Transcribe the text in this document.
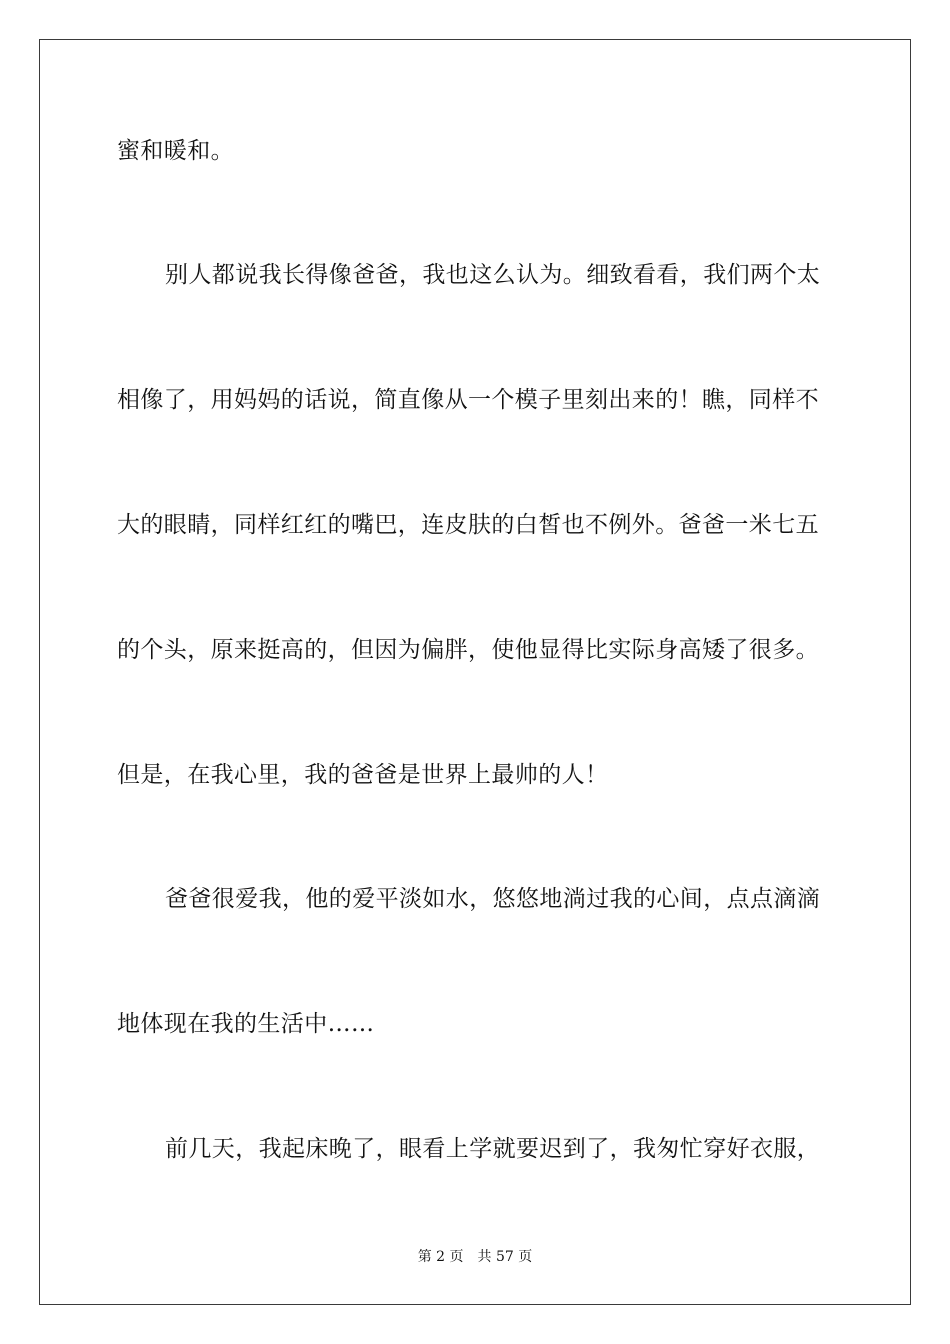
蜜和暖和。
别人都说我长得像爸爸，我也这么认为。细致看看，我们两个太
相像了，用妈妈的话说，简直像从一个模子里刻出来的！瞧，同样不
大的眼睛，同样红红的嘴巴，连皮肤的白皙也不例外。爸爸一米七五
的个头，原来挺高的，但因为偏胖，使他显得比实际身高矮了很多。
但是，在我心里，我的爸爸是世界上最帅的人！
爸爸很爱我，他的爱平淡如水，悠悠地淌过我的心间，点点滴滴
地体现在我的生活中……
前几天，我起床晚了，眼看上学就要迟到了，我匆忙穿好衣服，
第 2 页 共 57 页
